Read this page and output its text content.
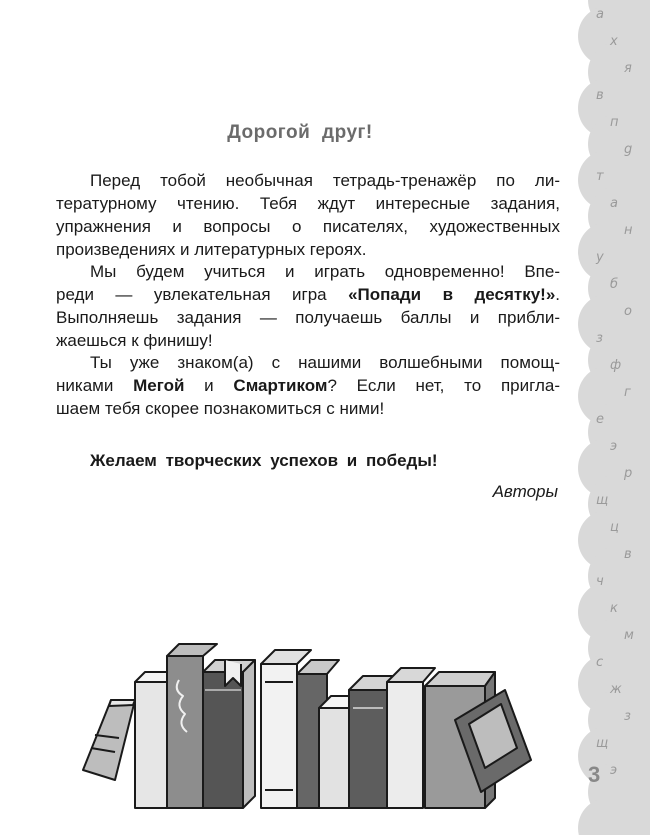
а
х
я
в
п
g
т
а
н
у
б
о
з
ф
г
е
э
р
щ
ц
в
ч
к
м
с
ж
з
щ
э
Дорогой друг!
Перед тобой необычная тетрадь-тренажёр по ли-
тературному чтению. Тебя ждут интересные задания,
упражнения и вопросы о писателях, художественных
произведениях и литературных героях.
Мы будем учиться и играть одновременно! Впе-
реди — увлекательная игра «Попади в десятку!».
Выполняешь задания — получаешь баллы и прибли-
жаешься к финишу!
Ты уже знаком(а) с нашими волшебными помощ-
никами Мегой и Смартиком? Если нет, то пригла-
шаем тебя скорее познакомиться с ними!
Желаем творческих успехов и победы!
Авторы
3
